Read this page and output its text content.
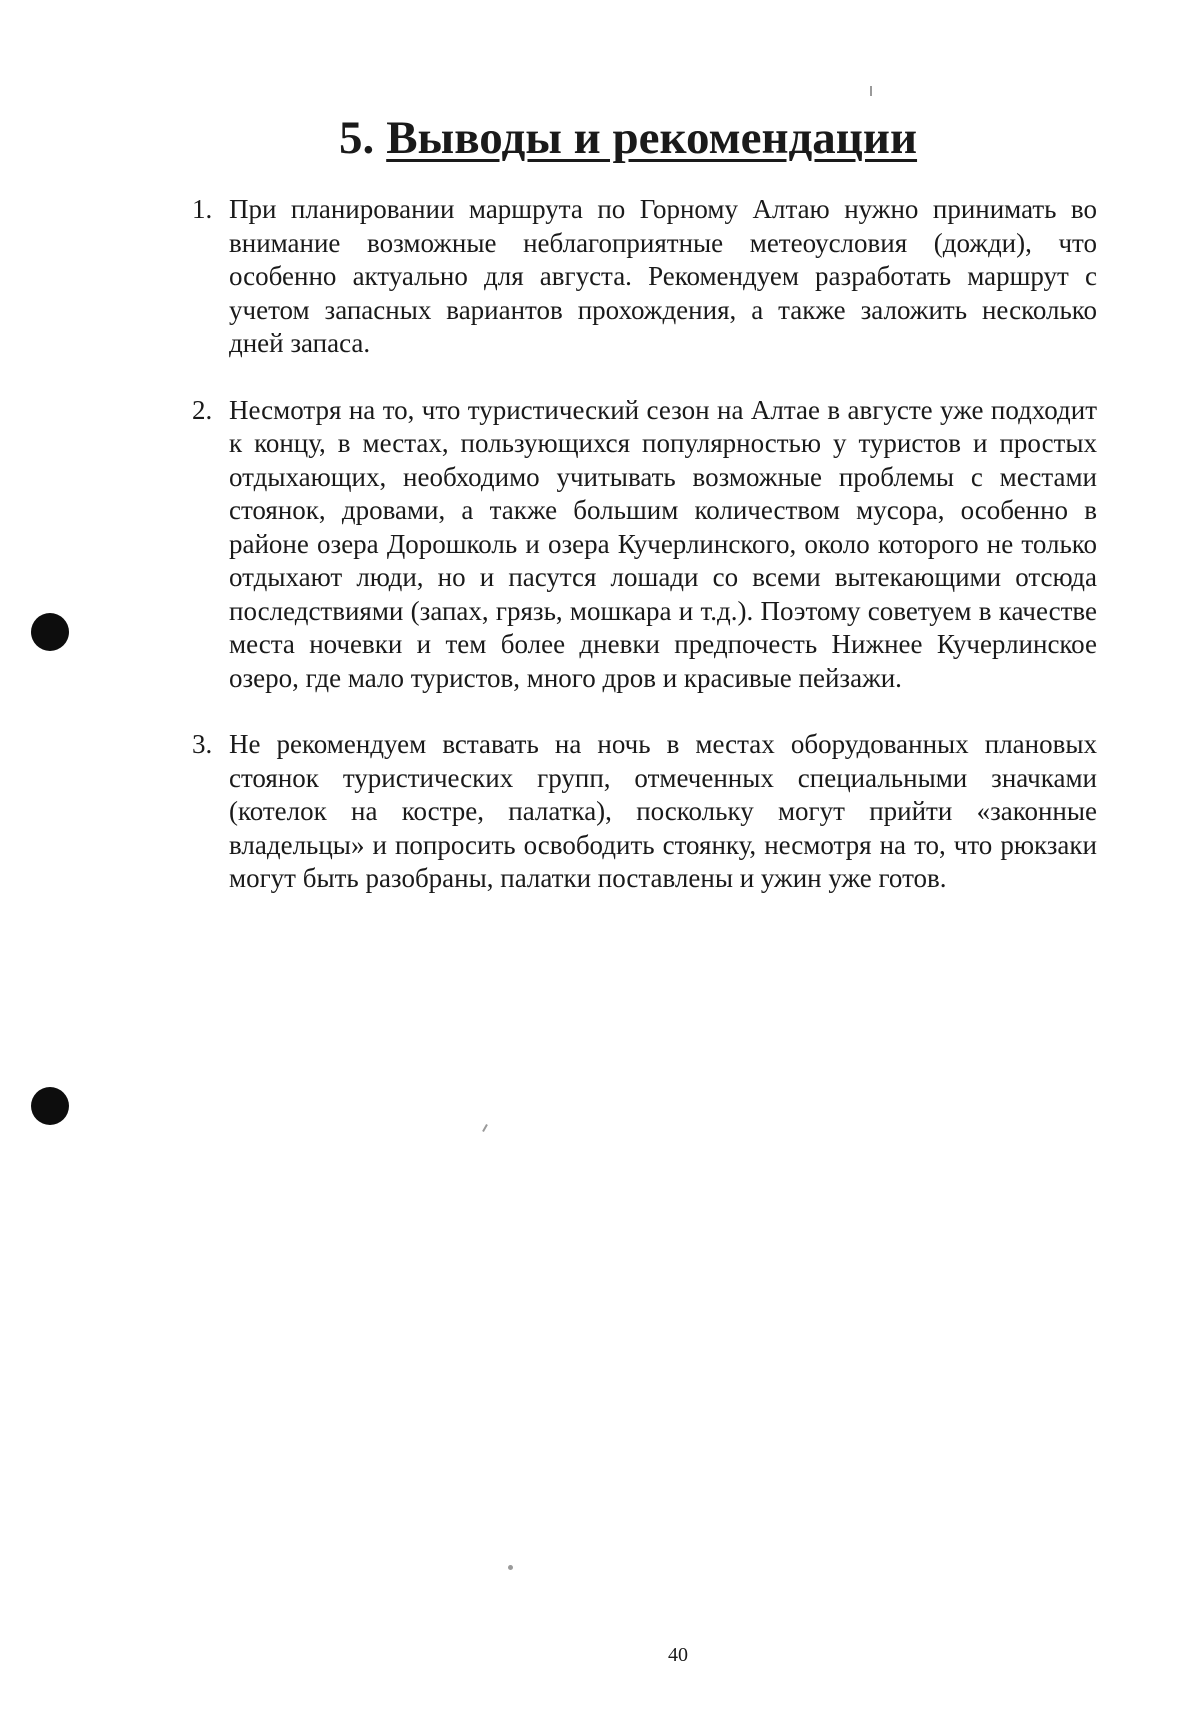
5. Выводы и рекомендации
1. При планировании маршрута по Горному Алтаю нужно принимать во внимание возможные неблагоприятные метеоусловия (дожди), что особенно актуально для августа. Рекомендуем разработать маршрут с учетом запасных вариантов прохождения, а также заложить несколько дней запаса.
2. Несмотря на то, что туристический сезон на Алтае в августе уже подходит к концу, в местах, пользующихся популярностью у туристов и простых отдыхающих, необходимо учитывать возможные проблемы с местами стоянок, дровами, а также большим количеством мусора, особенно в районе озера Дорошколь и озера Кучерлинского, около которого не только отдыхают люди, но и пасутся лошади со всеми вытекающими отсюда последствиями (запах, грязь, мошкара и т.д.). Поэтому советуем в качестве места ночевки и тем более дневки предпочесть Нижнее Кучерлинское озеро, где мало туристов, много дров и красивые пейзажи.
3. Не рекомендуем вставать на ночь в местах оборудованных плановых стоянок туристических групп, отмеченных специальными значками (котелок на костре, палатка), поскольку могут прийти «законные владельцы» и попросить освободить стоянку, несмотря на то, что рюкзаки могут быть разобраны, палатки поставлены и ужин уже готов.
40
